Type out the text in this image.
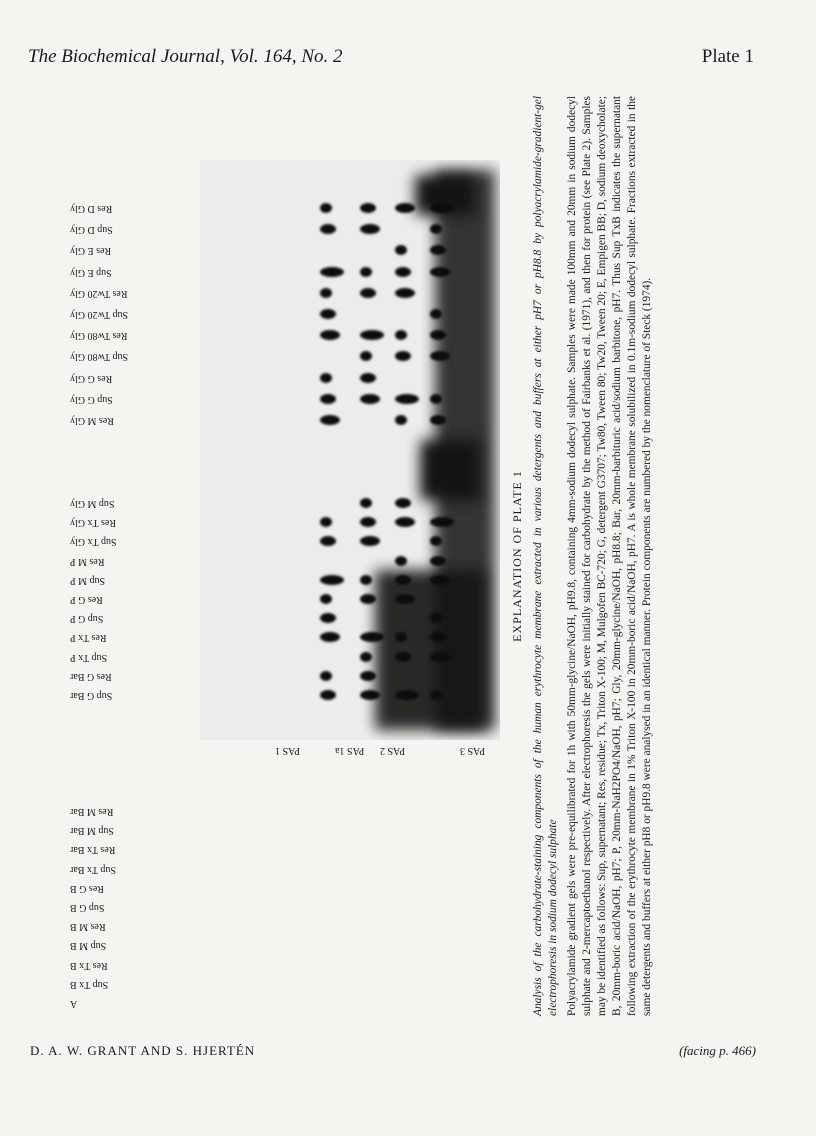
The Biochemical Journal, Vol. 164, No. 2	Plate 1
D. A. W. GRANT AND S. HJERTÉN	(facing p. 466)
EXPLANATION OF PLATE 1 Analysis of the carbohydrate-staining components of the human erythrocyte membrane extracted in various detergents and buffers at either pH7 or pH8.8 by polyacrylamide-gradient-gel electrophoresis in sodium dodecyl sulphate Polyacrylamide gradient gels were pre-equilibrated for 1h with 50mm-glycine/NaOH, pH9.8, containing 4mm-sodium dodecyl sulphate. Samples were made 100mm and 20mm in sodium dodecyl sulphate and 2-mercaptoethanol respectively. After electrophoresis the gels were initially stained for carbohydrate by the method of Fairbanks et al. (1971), and then for protein (see Plate 2). Samples may be identified as follows: Sup, supernatant; Res, residue; Tx, Triton X-100; M, Mulgofen BC-720; G, detergent G3707; Tw80, Tween 80; Tw20, Tween 20; E, Empigen BB; D, sodium deoxycholate; B, 20mm-boric acid/NaOH, pH7; P, 20mm-NaH2PO4/NaOH, pH7; Gly, 20mm-glycine/NaOH, pH8.8; Bar, 20mm-barbituric acid/sodium barbitone, pH7. Thus Sup TxB indicates the supernatant following extraction of the erythrocyte membrane in 1% Triton X-100 in 20mm-boric acid/NaOH, pH7. A is whole membrane solubilized in 0.1m-sodium dodecyl sulphate. Fractions extracted in the same detergents and buffers at either pH8 or pH9.8 were analysed in an identical manner. Protein components are numbered by the nomenclature of Steck (1974).

A
Sup Tx B
Res Tx B
Sup M B
Res M B
Sup G B
Res G B
Sup Tx Bar
Res Tx Bar
Sup M Bar
Res M Bar
Sup G Bar
Res G Bar
Sup Tx P
Res Tx P
Sup G P
Res G P
Sup M P
Res M P
Sup Tx Gly
Res Tx Gly
Sup M Gly
Res M Gly
Sup G Gly
Res G Gly
Sup Tw80 Gly
Res Tw80 Gly
Sup Tw20 Gly
Res Tw20 Gly
Sup E Gly
Res E Gly
Sup D Gly
Res D Gly
PAS 1	PAS 1a PAS 2	PAS 3
